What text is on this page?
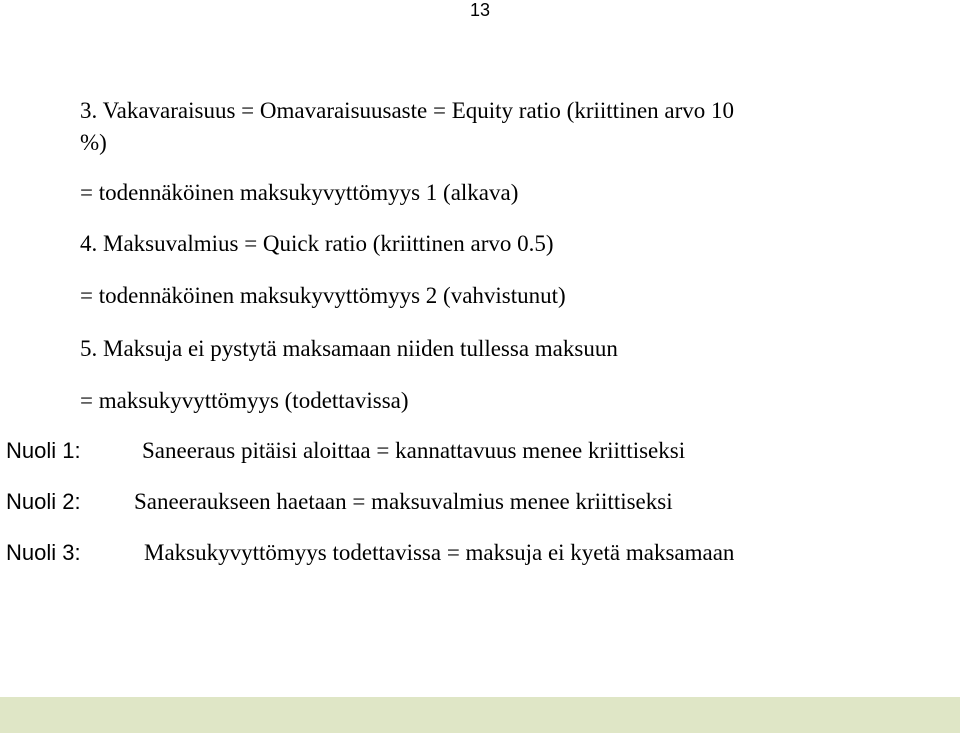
13
3. Vakavaraisuus = Omavaraisuusaste = Equity ratio (kriittinen arvo 10
%)
= todennäköinen maksukyvyttömyys 1 (alkava)
4. Maksuvalmius = Quick ratio (kriittinen arvo 0.5)
= todennäköinen maksukyvyttömyys 2 (vahvistunut)
5. Maksuja ei pystytä maksamaan niiden tullessa maksuun
= maksukyvyttömyys (todettavissa)
Nuoli 1:	Saneeraus pitäisi aloittaa = kannattavuus menee kriittiseksi
Nuoli 2: Saneeraukseen haetaan = maksuvalmius menee kriittiseksi
Nuoli 3:	Maksukyvyttömyys todettavissa = maksuja ei kyetä maksamaan
